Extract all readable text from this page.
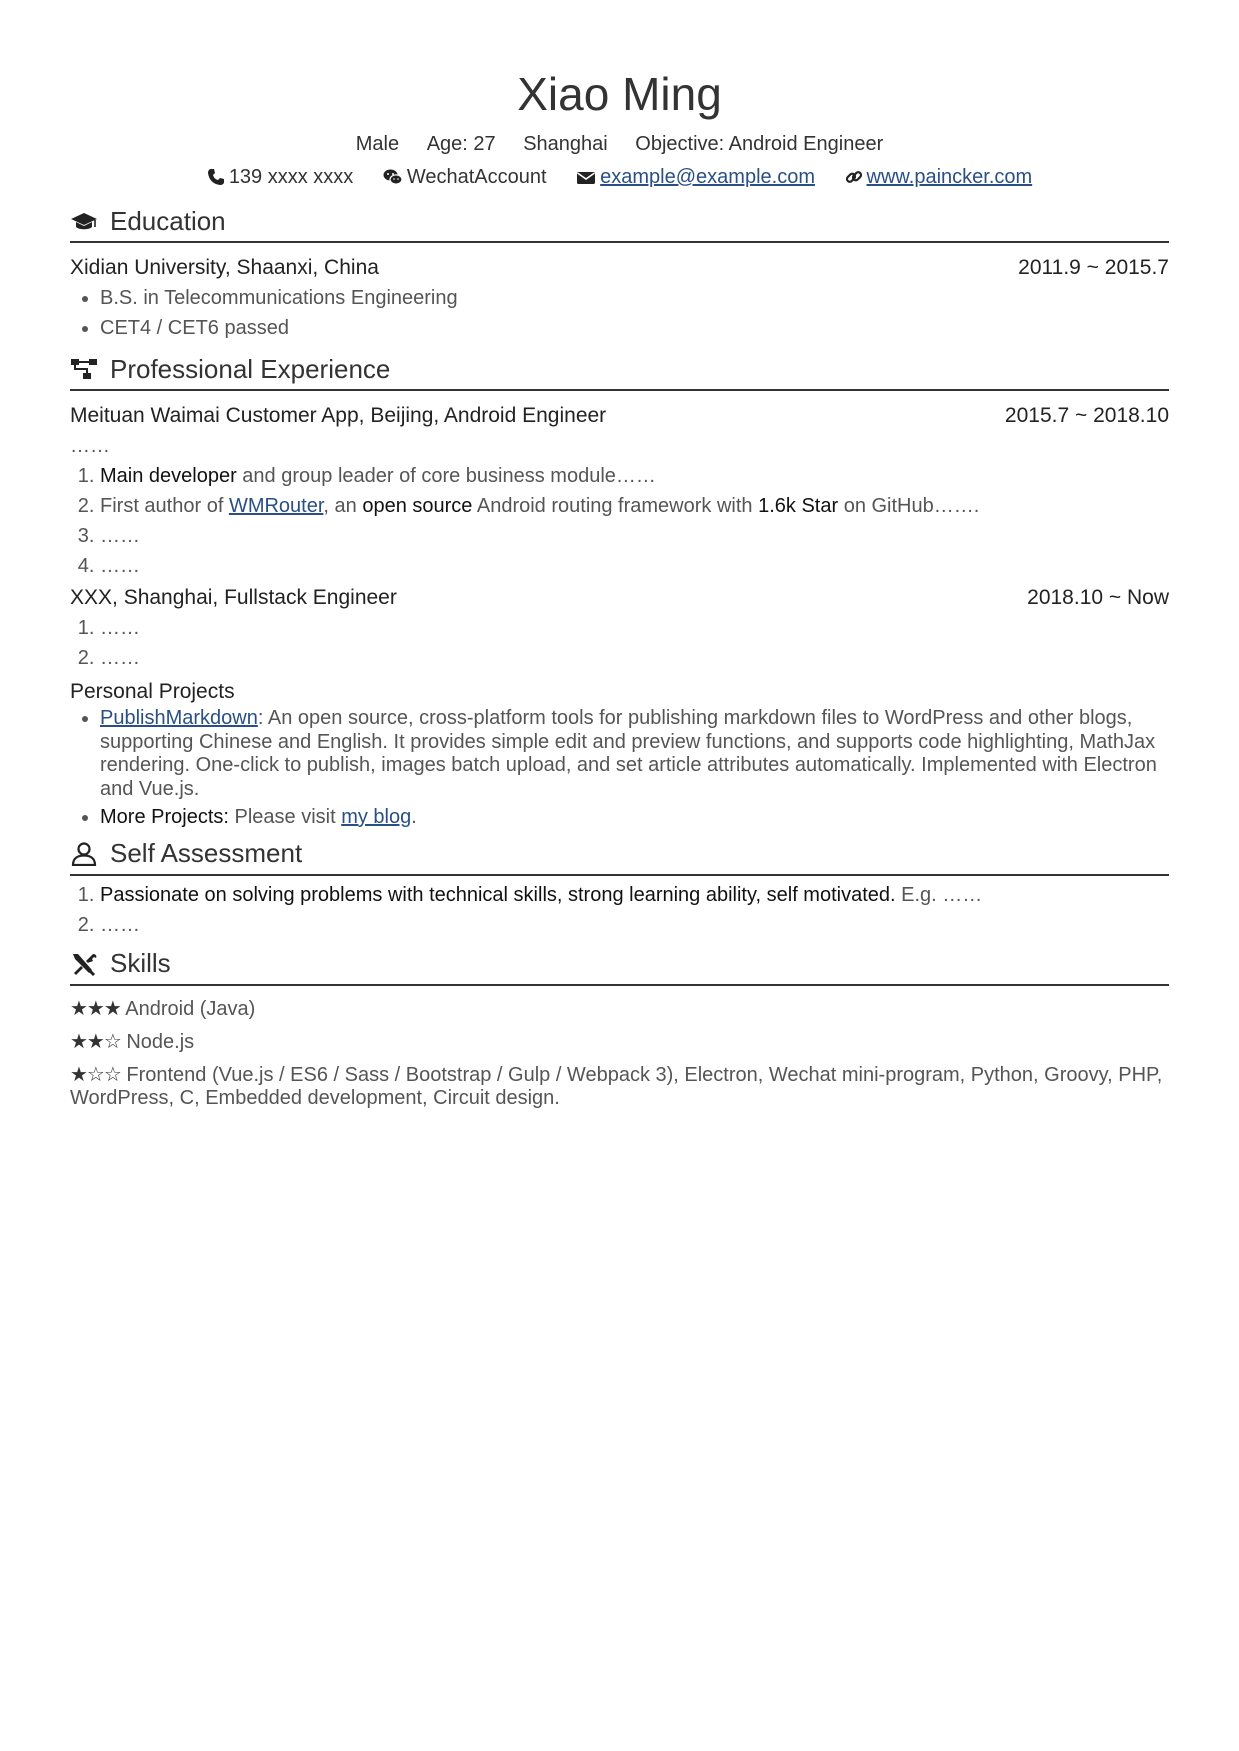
Xiao Ming
Male Age: 27 Shanghai Objective: Android Engineer
139 xxxx xxxx	WechatAccount	example@example.com	www.paincker.com
Education
Xidian University, Shaanxi, China	2011.9 ~ 2015.7
• B.S. in Telecommunications Engineering
• CET4 / CET6 passed
Professional Experience
Meituan Waimai Customer App, Beijing, Android Engineer	2015.7 ~ 2018.10
……
1. Main developer and group leader of core business module……
2. First author of WMRouter, an open source Android routing framework with 1.6k Star on GitHub…….
3. ……
4. ……
XXX, Shanghai, Fullstack Engineer	2018.10 ~ Now
1. ……
2. ……
Personal Projects
• PublishMarkdown: An open source, cross-platform tools for publishing markdown files to WordPress and other blogs, supporting Chinese and English. It provides simple edit and preview functions, and supports code highlighting, MathJax rendering. One-click to publish, images batch upload, and set article attributes automatically. Implemented with Electron and Vue.js.
• More Projects: Please visit my blog.
Self Assessment
1. Passionate on solving problems with technical skills, strong learning ability, self motivated. E.g. ……
2. ……
Skills
★★★ Android (Java)
★★☆ Node.js
★☆☆ Frontend (Vue.js / ES6 / Sass / Bootstrap / Gulp / Webpack 3), Electron, Wechat mini-program, Python, Groovy, PHP, WordPress, C, Embedded development, Circuit design.
